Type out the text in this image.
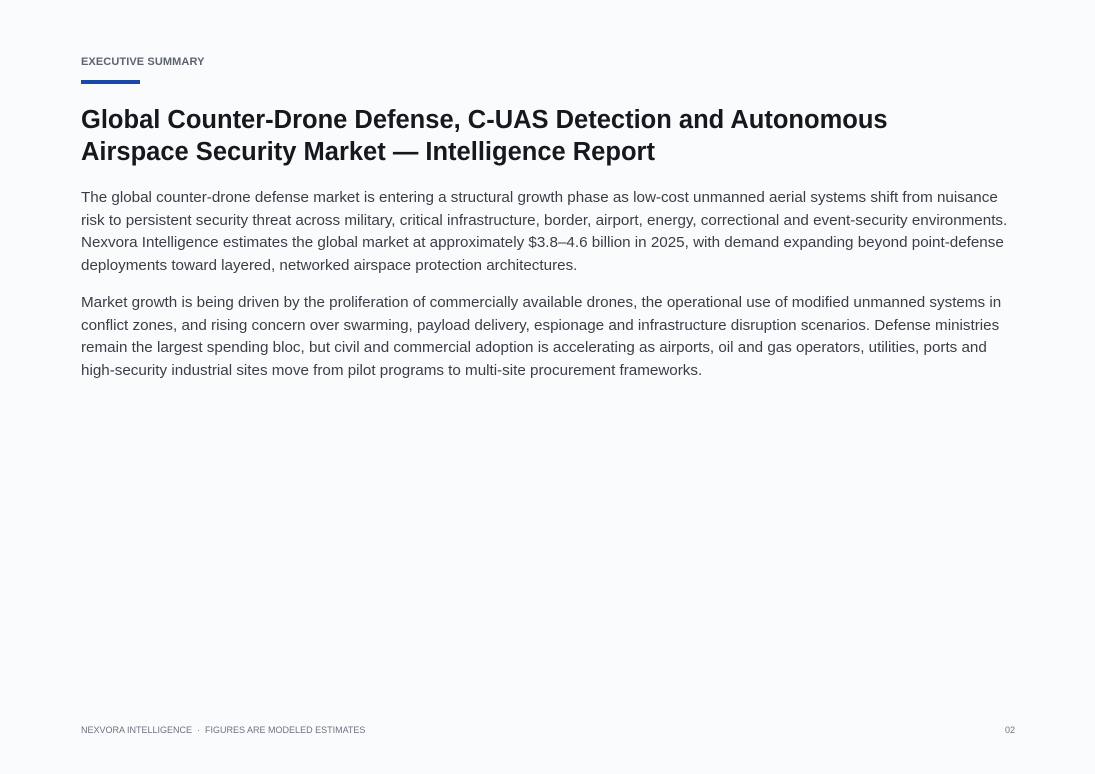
EXECUTIVE SUMMARY
Global Counter-Drone Defense, C-UAS Detection and Autonomous
Airspace Security Market — Intelligence Report

The global counter-drone defense market is entering a structural growth phase as low-cost unmanned aerial systems shift from nuisance risk to persistent security threat across military, critical infrastructure, border, airport, energy, correctional and event-security environments. Nexvora Intelligence estimates the global market at approximately $3.8–4.6 billion in 2025, with demand expanding beyond point-defense deployments toward layered, networked airspace protection architectures.

Market growth is being driven by the proliferation of commercially available drones, the operational use of modified unmanned systems in conflict zones, and rising concern over swarming, payload delivery, espionage and infrastructure disruption scenarios. Defense ministries remain the largest spending bloc, but civil and commercial adoption is accelerating as airports, oil and gas operators, utilities, ports and high-security industrial sites move from pilot programs to multi-site procurement frameworks.

NEXVORA INTELLIGENCE · FIGURES ARE MODELED ESTIMATES	02
